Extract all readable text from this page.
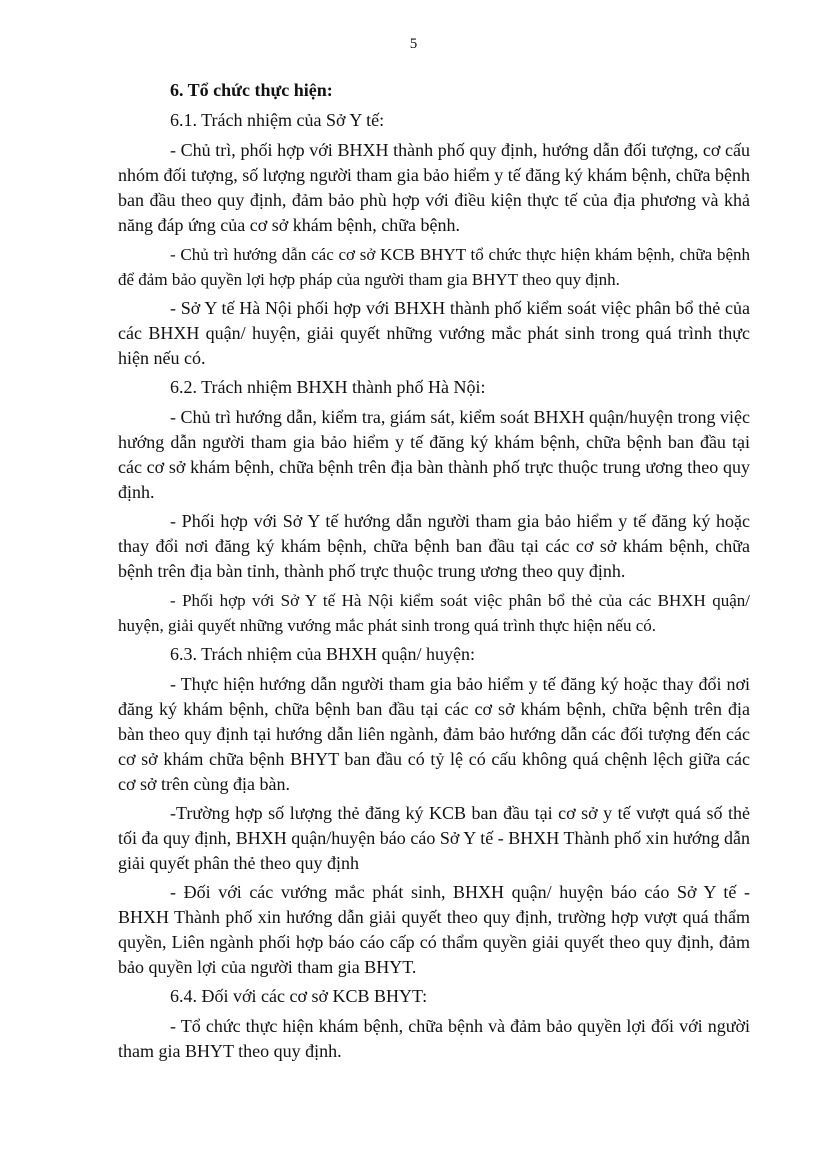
5

6. Tổ chức thực hiện:

6.1. Trách nhiệm của Sở Y tế:

- Chủ trì, phối hợp với BHXH thành phố quy định, hướng dẫn đối tượng, cơ cấu nhóm đối tượng, số lượng người tham gia bảo hiểm y tế đăng ký khám bệnh, chữa bệnh ban đầu theo quy định, đảm bảo phù hợp với điều kiện thực tế của địa phương và khả năng đáp ứng của cơ sở khám bệnh, chữa bệnh.

- Chủ trì hướng dẫn các cơ sở KCB BHYT tổ chức thực hiện khám bệnh, chữa bệnh để đảm bảo quyền lợi hợp pháp của người tham gia BHYT theo quy định.

- Sở Y tế Hà Nội phối hợp với BHXH thành phố kiểm soát việc phân bổ thẻ của các BHXH quận/ huyện, giải quyết những vướng mắc phát sinh trong quá trình thực hiện nếu có.

6.2. Trách nhiệm BHXH thành phố Hà Nội:

- Chủ trì hướng dẫn, kiểm tra, giám sát, kiểm soát BHXH quận/huyện trong việc hướng dẫn người tham gia bảo hiểm y tế đăng ký khám bệnh, chữa bệnh ban đầu tại các cơ sở khám bệnh, chữa bệnh trên địa bàn thành phố trực thuộc trung ương theo quy định.

- Phối hợp với Sở Y tế hướng dẫn người tham gia bảo hiểm y tế đăng ký hoặc thay đổi nơi đăng ký khám bệnh, chữa bệnh ban đầu tại các cơ sở khám bệnh, chữa bệnh trên địa bàn tỉnh, thành phố trực thuộc trung ương theo quy định.

- Phối hợp với Sở Y tế Hà Nội kiểm soát việc phân bổ thẻ của các BHXH quận/ huyện, giải quyết những vướng mắc phát sinh trong quá trình thực hiện nếu có.

6.3. Trách nhiệm của BHXH quận/ huyện:

- Thực hiện hướng dẫn người tham gia bảo hiểm y tế đăng ký hoặc thay đổi nơi đăng ký khám bệnh, chữa bệnh ban đầu tại các cơ sở khám bệnh, chữa bệnh trên địa bàn theo quy định tại hướng dẫn liên ngành, đảm bảo hướng dẫn các đối tượng đến các cơ sở khám chữa bệnh BHYT ban đầu có tỷ lệ có cấu không quá chệnh lệch giữa các cơ sở trên cùng địa bàn.

-Trường hợp số lượng thẻ đăng ký KCB ban đầu tại cơ sở y tế vượt quá số thẻ tối đa quy định, BHXH quận/huyện báo cáo Sở Y tế - BHXH Thành phố xin hướng dẫn giải quyết phân thẻ theo quy định

- Đối với các vướng mắc phát sinh, BHXH quận/ huyện báo cáo Sở Y tế - BHXH Thành phố xin hướng dẫn giải quyết theo quy định, trường hợp vượt quá thẩm quyền, Liên ngành phối hợp báo cáo cấp có thẩm quyền giải quyết theo quy định, đảm bảo quyền lợi của người tham gia BHYT.

6.4. Đối với các cơ sở KCB BHYT:

- Tổ chức thực hiện khám bệnh, chữa bệnh và đảm bảo quyền lợi đối với người tham gia BHYT theo quy định.
